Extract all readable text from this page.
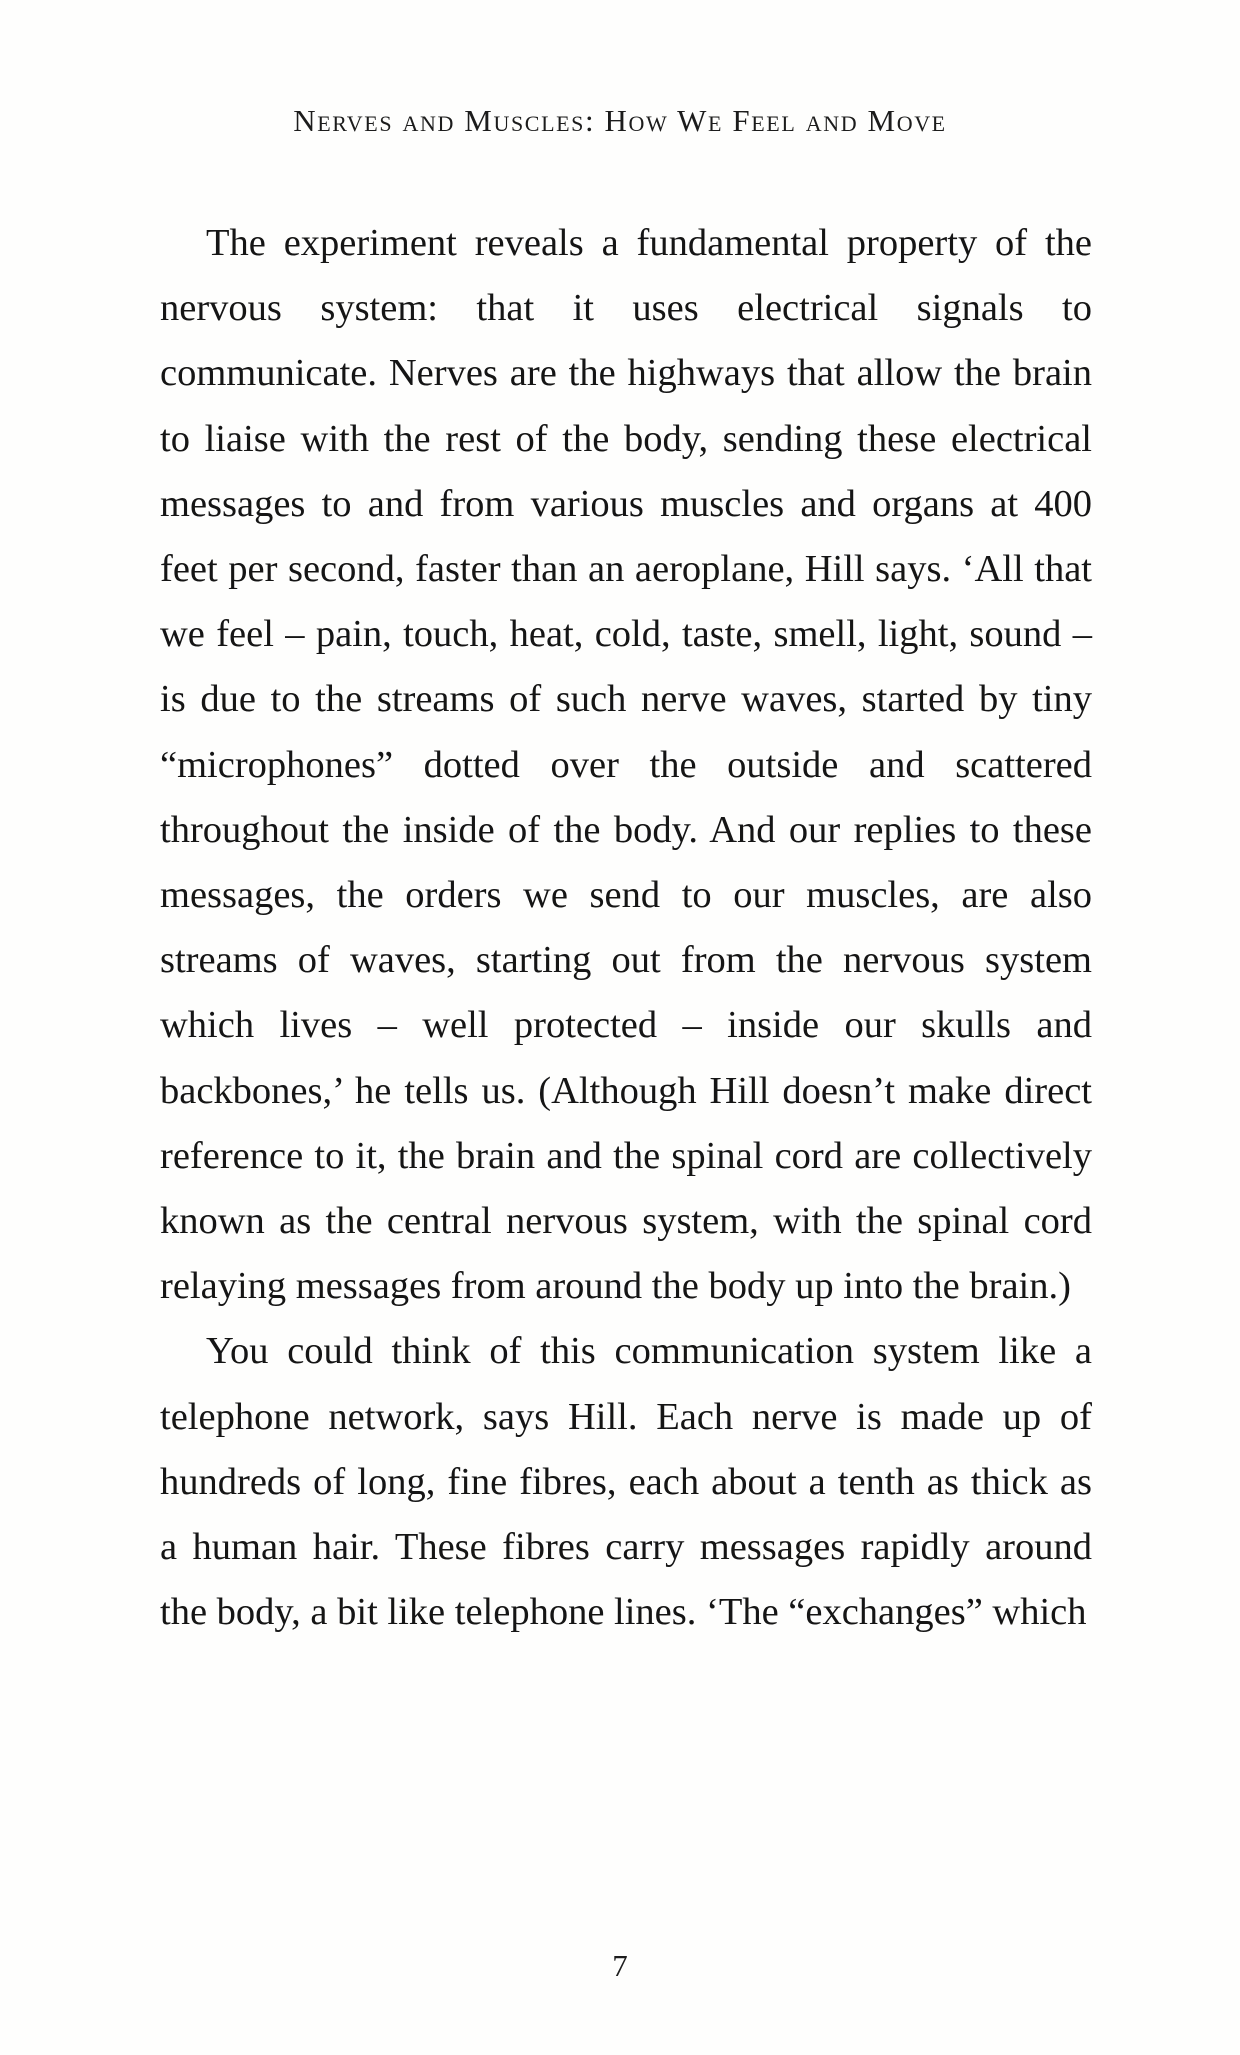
Nerves and Muscles: How We Feel and Move

The experiment reveals a fundamental property of the nervous system: that it uses electrical signals to communicate. Nerves are the highways that allow the brain to liaise with the rest of the body, sending these electrical messages to and from various muscles and organs at 400 feet per second, faster than an aeroplane, Hill says. ‘All that we feel – pain, touch, heat, cold, taste, smell, light, sound – is due to the streams of such nerve waves, started by tiny “microphones” dotted over the outside and scattered throughout the inside of the body. And our replies to these messages, the orders we send to our muscles, are also streams of waves, starting out from the nervous system which lives – well protected – inside our skulls and backbones,’ he tells us. (Although Hill doesn’t make direct reference to it, the brain and the spinal cord are collectively known as the central nervous system, with the spinal cord relaying messages from around the body up into the brain.)

You could think of this communication system like a telephone network, says Hill. Each nerve is made up of hundreds of long, fine fibres, each about a tenth as thick as a human hair. These fibres carry messages rapidly around the body, a bit like telephone lines. ‘The “exchanges” which

7
